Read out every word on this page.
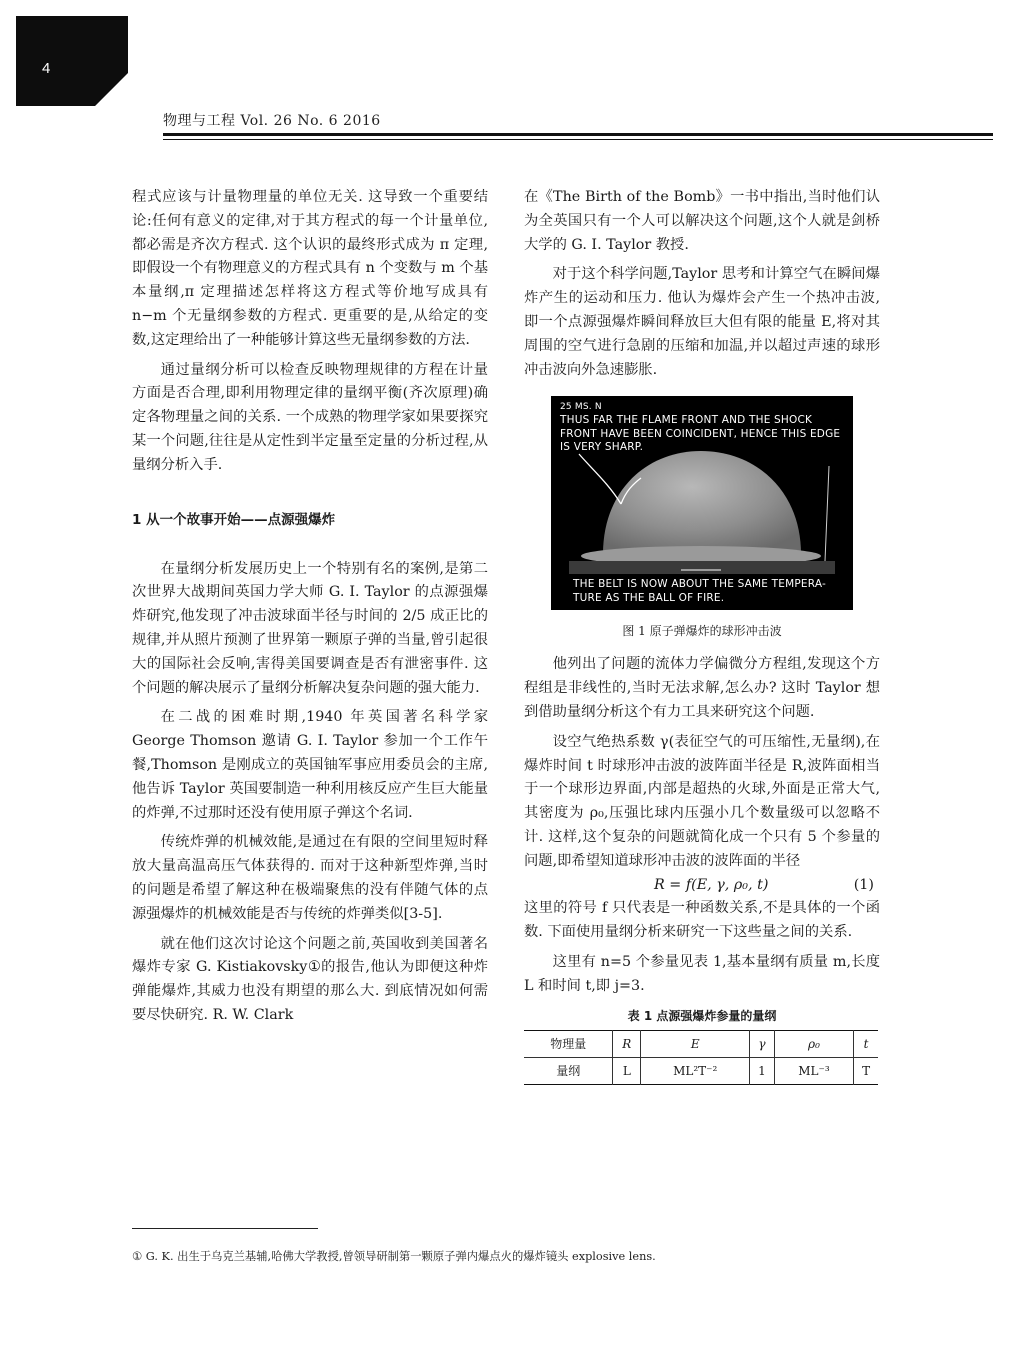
4
物理与工程 Vol. 26 No. 6 2016

程式应该与计量物理量的单位无关. 这导致一个重要结论:任何有意义的定律,对于其方程式的每一个计量单位,都必需是齐次方程式. 这个认识的最终形式成为 π 定理,即假设一个有物理意义的方程式具有 n 个变数与 m 个基本量纲,π 定理描述怎样将这方程式等价地写成具有 n−m 个无量纲参数的方程式. 更重要的是,从给定的变数,这定理给出了一种能够计算这些无量纲参数的方法.

通过量纲分析可以检查反映物理规律的方程在计量方面是否合理,即利用物理定律的量纲平衡(齐次原理)确定各物理量之间的关系. 一个成熟的物理学家如果要探究某一个问题,往往是从定性到半定量至定量的分析过程,从量纲分析入手.

1 从一个故事开始——点源强爆炸

在量纲分析发展历史上一个特别有名的案例,是第二次世界大战期间英国力学大师 G. I. Taylor 的点源强爆炸研究,他发现了冲击波球面半径与时间的 2/5 成正比的规律,并从照片预测了世界第一颗原子弹的当量,曾引起很大的国际社会反响,害得美国要调查是否有泄密事件. 这个问题的解决展示了量纲分析解决复杂问题的强大能力.

在二战的困难时期,1940 年英国著名科学家 George Thomson 邀请 G. I. Taylor 参加一个工作午餐,Thomson 是刚成立的英国铀军事应用委员会的主席,他告诉 Taylor 英国要制造一种利用核反应产生巨大能量的炸弹,不过那时还没有使用原子弹这个名词.

传统炸弹的机械效能,是通过在有限的空间里短时释放大量高温高压气体获得的. 而对于这种新型炸弹,当时的问题是希望了解这种在极端聚焦的没有伴随气体的点源强爆炸的机械效能是否与传统的炸弹类似[3-5].

就在他们这次讨论这个问题之前,英国收到美国著名爆炸专家 G. Kistiakovsky①的报告,他认为即便这种炸弹能爆炸,其威力也没有期望的那么大. 到底情况如何需要尽快研究. R. W. Clark

在《The Birth of the Bomb》一书中指出,当时他们认为全英国只有一个人可以解决这个问题,这个人就是剑桥大学的 G. I. Taylor 教授.

对于这个科学问题,Taylor 思考和计算空气在瞬间爆炸产生的运动和压力. 他认为爆炸会产生一个热冲击波,即一个点源强爆炸瞬间释放巨大但有限的能量 E,将对其周围的空气进行急剧的压缩和加温,并以超过声速的球形冲击波向外急速膨胀.

25 MS. N
THUS FAR THE FLAME FRONT AND THE SHOCK FRONT HAVE BEEN COINCIDENT, HENCE THIS EDGE IS VERY SHARP.
THE BELT IS NOW ABOUT THE SAME TEMPERA-TURE AS THE BALL OF FIRE.
图 1 原子弹爆炸的球形冲击波

他列出了问题的流体力学偏微分方程组,发现这个方程组是非线性的,当时无法求解,怎么办? 这时 Taylor 想到借助量纲分析这个有力工具来研究这个问题.

设空气绝热系数 γ(表征空气的可压缩性,无量纲),在爆炸时间 t 时球形冲击波的波阵面半径是 R,波阵面相当于一个球形边界面,内部是超热的火球,外面是正常大气,其密度为 ρ₀,压强比球内压强小几个数量级可以忽略不计. 这样,这个复杂的问题就简化成一个只有 5 个参量的问题,即希望知道球形冲击波的波阵面的半径

R = f(E, γ, ρ₀, t)	(1)

这里的符号 f 只代表是一种函数关系,不是具体的一个函数. 下面使用量纲分析来研究一下这些量之间的关系.

这里有 n=5 个参量见表 1,基本量纲有质量 m,长度 L 和时间 t,即 j=3.

表 1 点源强爆炸参量的量纲
物理量	R	E	γ	ρ₀	t
量纲	L	ML²T⁻²	1	ML⁻³	T
① G. K. 出生于乌克兰基辅,哈佛大学教授,曾领导研制第一颗原子弹内爆点火的爆炸镜头 explosive lens.
